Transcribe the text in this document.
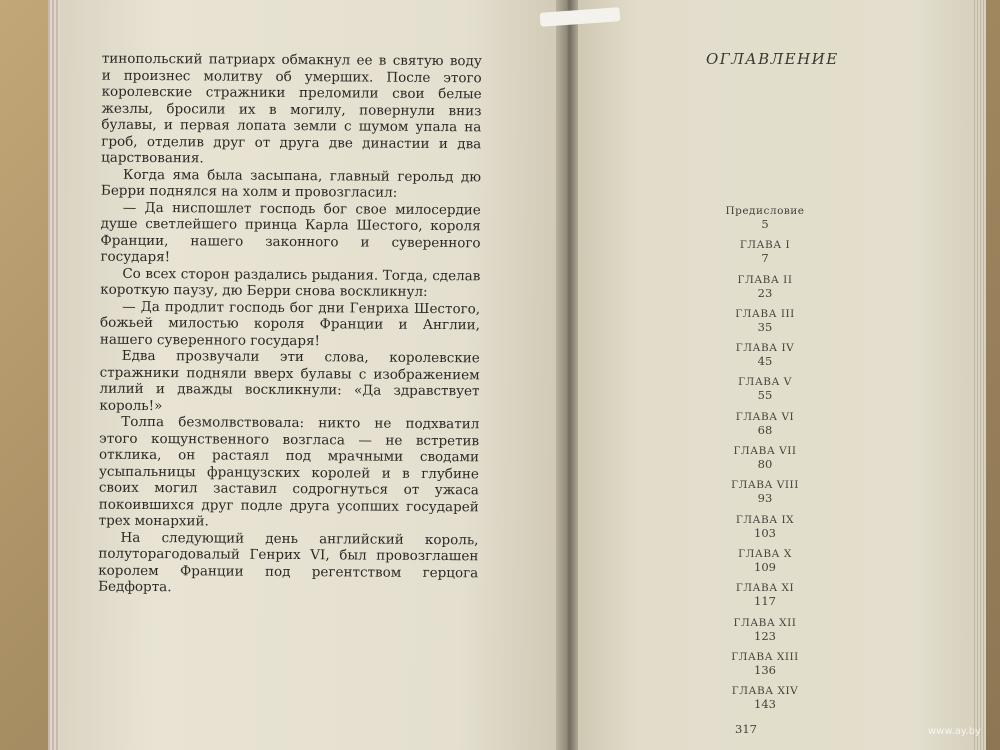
тинопольский патриарх обмакнул ее в святую воду и произнес молитву об умерших. После этого королевские стражники преломили свои белые жезлы, бросили их в могилу, повернули вниз булавы, и первая лопата земли с шумом упала на гроб, отделив друг от друга две династии и два царствования.

Когда яма была засыпана, главный герольд дю Берри поднялся на холм и провозгласил:

— Да ниспошлет господь бог свое милосердие душе светлейшего принца Карла Шестого, короля Франции, нашего законного и суверенного государя!

Со всех сторон раздались рыдания. Тогда, сделав короткую паузу, дю Берри снова воскликнул:

— Да продлит господь бог дни Генриха Шестого, божьей милостью короля Франции и Англии, нашего суверенного государя!

Едва прозвучали эти слова, королевские стражники подняли вверх булавы с изображением лилий и дважды воскликнули: «Да здравствует король!»

Толпа безмолвствовала: никто не подхватил этого кощунственного возгласа — не встретив отклика, он растаял под мрачными сводами усыпальницы французских королей и в глубине своих могил заставил содрогнуться от ужаса покоившихся друг подле друга усопших государей трех монархий.

На следующий день английский король, полуторагодовалый Генрих VI, был провозглашен королем Франции под регентством герцога Бедфорта.

ОГЛАВЛЕНИЕ
Предисловие
5
ГЛАВА I
7
ГЛАВА II
23
ГЛАВА III
35
ГЛАВА IV
45
ГЛАВА V
55
ГЛАВА VI
68
ГЛАВА VII
80
ГЛАВА VIII
93
ГЛАВА IX
103
ГЛАВА X
109
ГЛАВА XI
117
ГЛАВА XII
123
ГЛАВА XIII
136
ГЛАВА XIV
143
317	www.ay.by
